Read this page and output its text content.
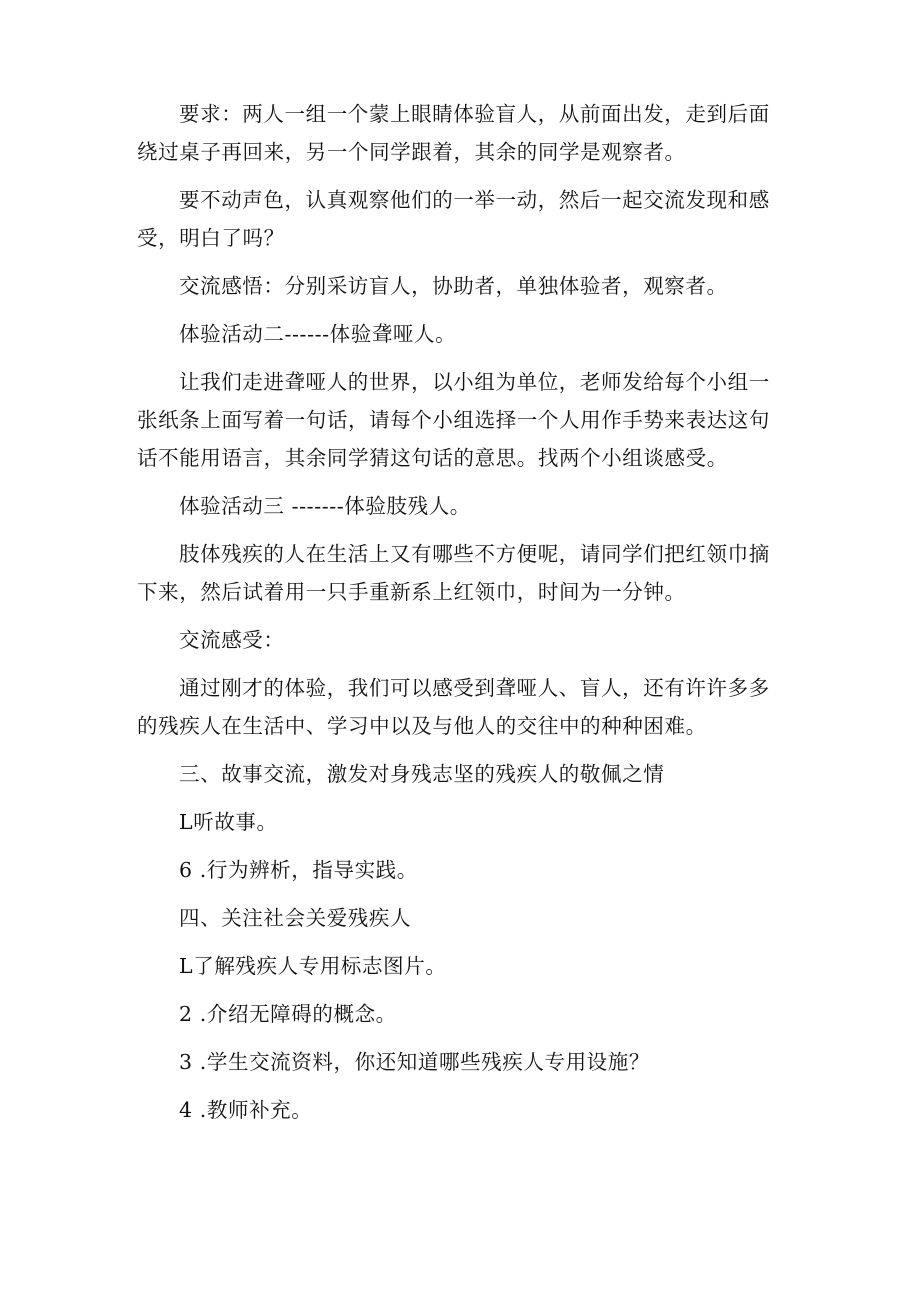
要求：两人一组一个蒙上眼睛体验盲人，从前面出发，走到后面
绕过桌子再回来，另一个同学跟着，其余的同学是观察者。
要不动声色，认真观察他们的一举一动，然后一起交流发现和感
受，明白了吗？
交流感悟：分别采访盲人，协助者，单独体验者，观察者。
体验活动二------体验聋哑人。
让我们走进聋哑人的世界，以小组为单位，老师发给每个小组一
张纸条上面写着一句话，请每个小组选择一个人用作手势来表达这句
话不能用语言，其余同学猜这句话的意思。找两个小组谈感受。
体验活动三 -------体验肢残人。
肢体残疾的人在生活上又有哪些不方便呢，请同学们把红领巾摘
下来，然后试着用一只手重新系上红领巾，时间为一分钟。
交流感受：
通过刚才的体验，我们可以感受到聋哑人、盲人，还有许许多多
的残疾人在生活中、学习中以及与他人的交往中的种种困难。
三、故事交流，激发对身残志坚的残疾人的敬佩之情
L听故事。
6 .行为辨析，指导实践。
四、关注社会关爱残疾人
L了解残疾人专用标志图片。
2 .介绍无障碍的概念。
3 .学生交流资料，你还知道哪些残疾人专用设施？
4 .教师补充。
